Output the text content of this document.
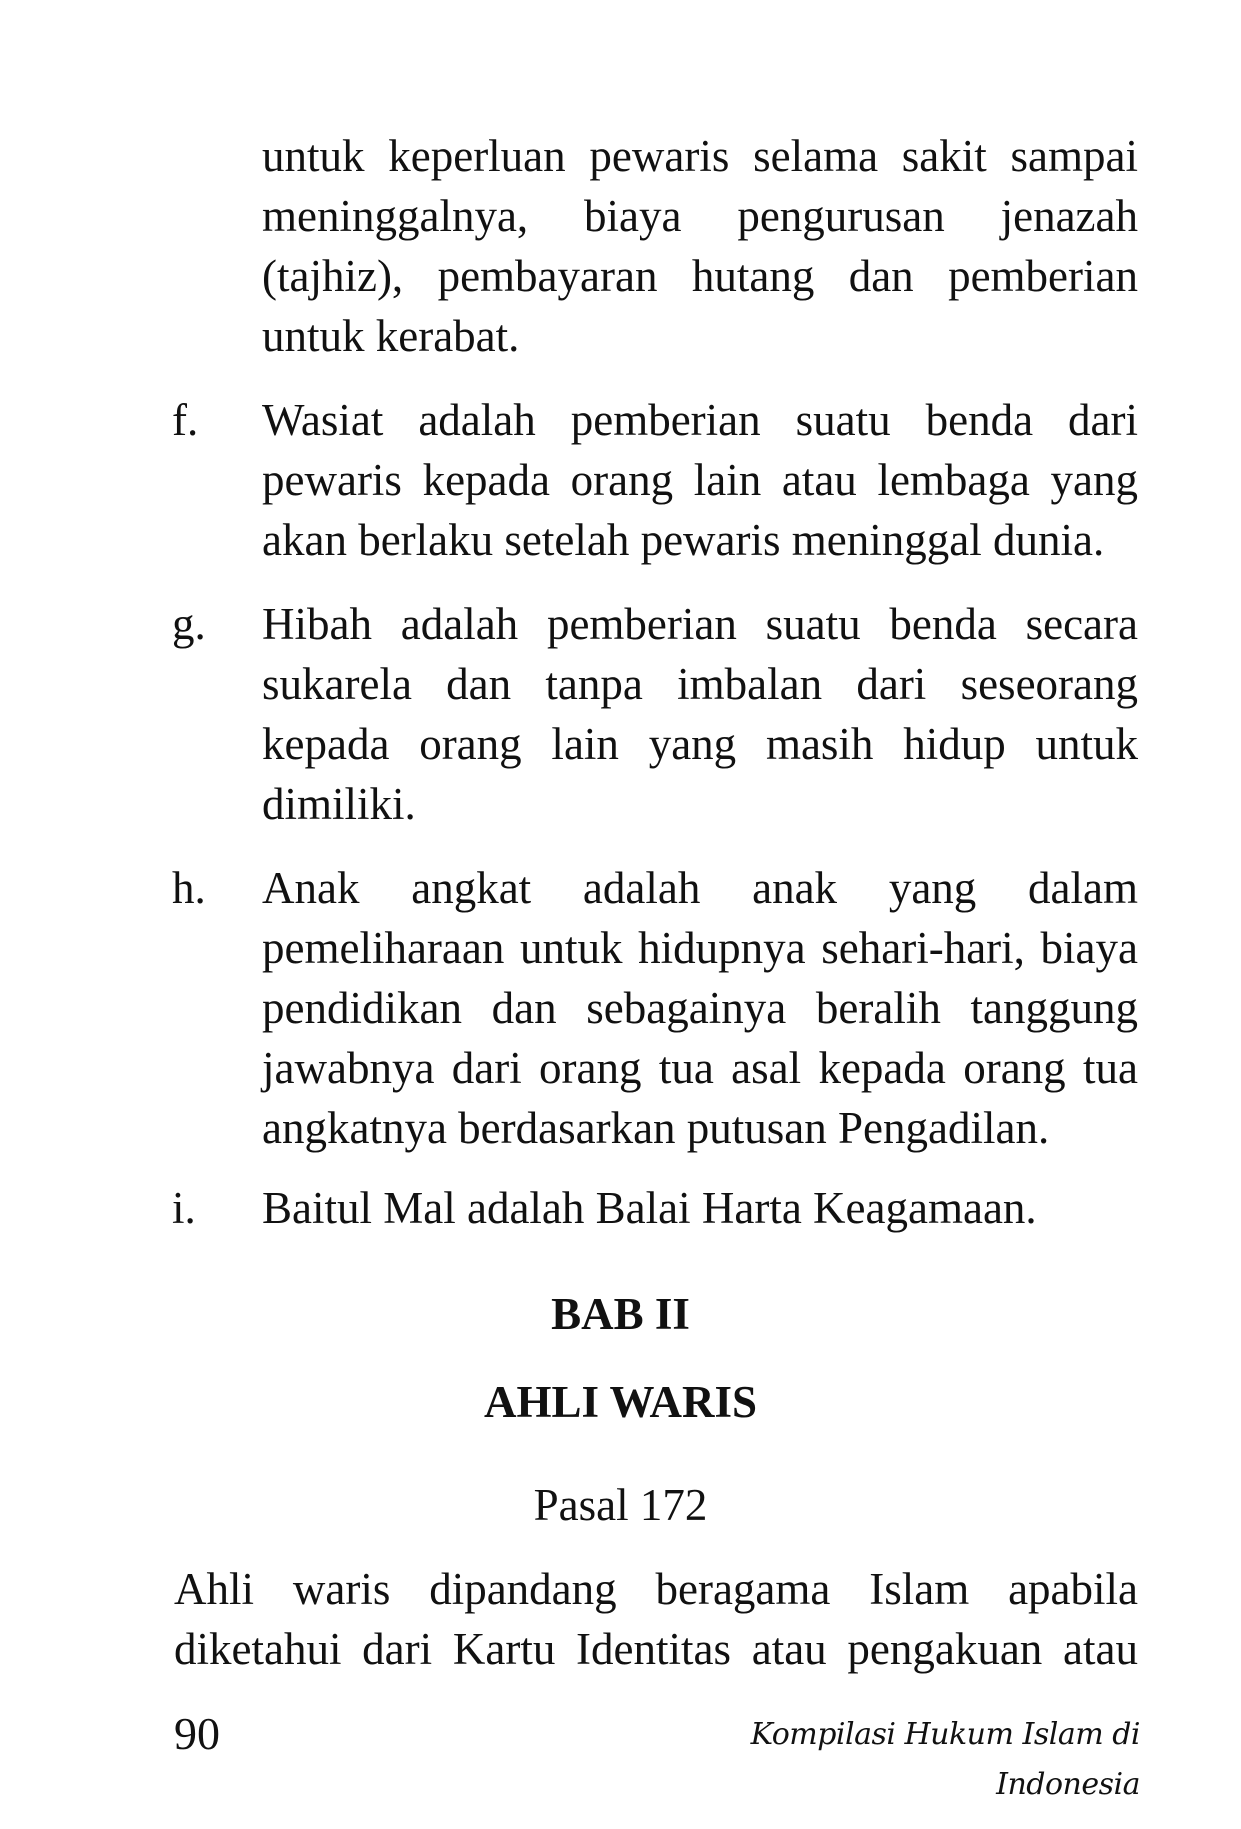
untuk keperluan pewaris selama sakit sampai
meninggalnya, biaya pengurusan jenazah
(tajhiz), pembayaran hutang dan pemberian
untuk kerabat.
f. Wasiat adalah pemberian suatu benda dari
pewaris kepada orang lain atau lembaga yang
akan berlaku setelah pewaris meninggal dunia.
g. Hibah adalah pemberian suatu benda secara
sukarela dan tanpa imbalan dari seseorang
kepada orang lain yang masih hidup untuk
dimiliki.
h. Anak angkat adalah anak yang dalam
pemeliharaan untuk hidupnya sehari-hari, biaya
pendidikan dan sebagainya beralih tanggung
jawabnya dari orang tua asal kepada orang tua
angkatnya berdasarkan putusan Pengadilan.
i. Baitul Mal adalah Balai Harta Keagamaan.
BAB II
AHLI WARIS
Pasal 172
Ahli waris dipandang beragama Islam apabila
diketahui dari Kartu Identitas atau pengakuan atau
90	Kompilasi Hukum Islam di Indonesia
